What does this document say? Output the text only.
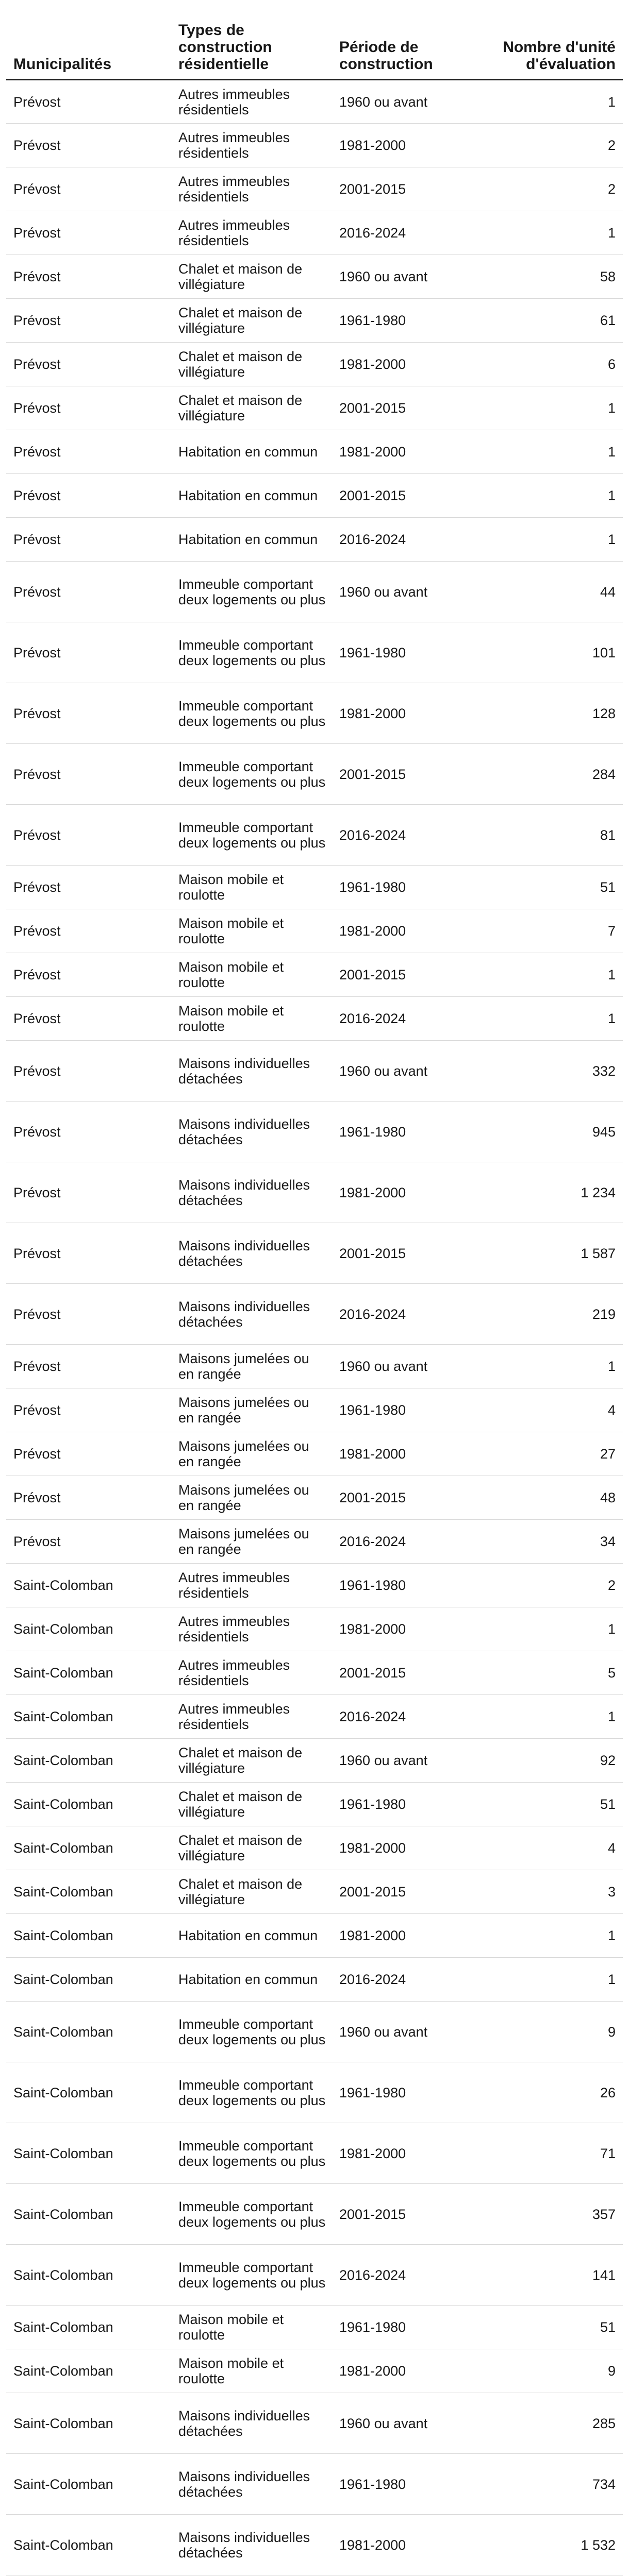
Municipalités	Types de construction résidentielle	Période de construction	Nombre d'unité d'évaluation
Prévost	Autres immeubles résidentiels	1960 ou avant	1
Prévost	Autres immeubles résidentiels	1981-2000	2
Prévost	Autres immeubles résidentiels	2001-2015	2
Prévost	Autres immeubles résidentiels	2016-2024	1
Prévost	Chalet et maison de villégiature	1960 ou avant	58
Prévost	Chalet et maison de villégiature	1961-1980	61
Prévost	Chalet et maison de villégiature	1981-2000	6
Prévost	Chalet et maison de villégiature	2001-2015	1
Prévost	Habitation en commun	1981-2000	1
Prévost	Habitation en commun	2001-2015	1
Prévost	Habitation en commun	2016-2024	1
Prévost	Immeuble comportant deux logements ou plus	1960 ou avant	44
Prévost	Immeuble comportant deux logements ou plus	1961-1980	101
Prévost	Immeuble comportant deux logements ou plus	1981-2000	128
Prévost	Immeuble comportant deux logements ou plus	2001-2015	284
Prévost	Immeuble comportant deux logements ou plus	2016-2024	81
Prévost	Maison mobile et roulotte	1961-1980	51
Prévost	Maison mobile et roulotte	1981-2000	7
Prévost	Maison mobile et roulotte	2001-2015	1
Prévost	Maison mobile et roulotte	2016-2024	1
Prévost	Maisons individuelles détachées	1960 ou avant	332
Prévost	Maisons individuelles détachées	1961-1980	945
Prévost	Maisons individuelles détachées	1981-2000	1 234
Prévost	Maisons individuelles détachées	2001-2015	1 587
Prévost	Maisons individuelles détachées	2016-2024	219
Prévost	Maisons jumelées ou en rangée	1960 ou avant	1
Prévost	Maisons jumelées ou en rangée	1961-1980	4
Prévost	Maisons jumelées ou en rangée	1981-2000	27
Prévost	Maisons jumelées ou en rangée	2001-2015	48
Prévost	Maisons jumelées ou en rangée	2016-2024	34
Saint-Colomban	Autres immeubles résidentiels	1961-1980	2
Saint-Colomban	Autres immeubles résidentiels	1981-2000	1
Saint-Colomban	Autres immeubles résidentiels	2001-2015	5
Saint-Colomban	Autres immeubles résidentiels	2016-2024	1
Saint-Colomban	Chalet et maison de villégiature	1960 ou avant	92
Saint-Colomban	Chalet et maison de villégiature	1961-1980	51
Saint-Colomban	Chalet et maison de villégiature	1981-2000	4
Saint-Colomban	Chalet et maison de villégiature	2001-2015	3
Saint-Colomban	Habitation en commun	1981-2000	1
Saint-Colomban	Habitation en commun	2016-2024	1
Saint-Colomban	Immeuble comportant deux logements ou plus	1960 ou avant	9
Saint-Colomban	Immeuble comportant deux logements ou plus	1961-1980	26
Saint-Colomban	Immeuble comportant deux logements ou plus	1981-2000	71
Saint-Colomban	Immeuble comportant deux logements ou plus	2001-2015	357
Saint-Colomban	Immeuble comportant deux logements ou plus	2016-2024	141
Saint-Colomban	Maison mobile et roulotte	1961-1980	51
Saint-Colomban	Maison mobile et roulotte	1981-2000	9
Saint-Colomban	Maisons individuelles détachées	1960 ou avant	285
Saint-Colomban	Maisons individuelles détachées	1961-1980	734
Saint-Colomban	Maisons individuelles détachées	1981-2000	1 532
